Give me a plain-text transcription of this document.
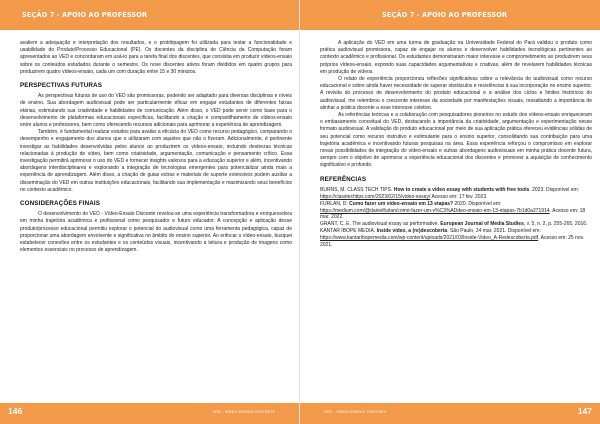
SEÇÃO 7 - APOIO AO PROFESSOR

avaliem a adequação e interpretação dos resultados, e o protótipagem foi utilizada para testar a funcionalidade e usabilidade do Produto/Processo Educacional (PE). Os docentes da disciplina de Ciência da Computação foram apresentados ao VED e concordaram em usá-lo para a tarefa final dos discentes, que consistia em produzir vídeos-ensaio sobre os conteúdos estudados durante o semestre. Os nove discentes ativos foram divididos em quatro grupos para produzirem quatro vídeos-ensaio, cada um com duração entre 15 e 30 minutos.

PERSPECTIVAS FUTURAS

As perspectivas futuras de uso do VED são promissoras, podendo ser adaptado para diversas disciplinas e níveis de ensino. Sua abordagem audiovisual pode ser particularmente eficaz em engajar estudantes de diferentes faixas etárias, estimulando sua criatividade e habilidades de comunicação. Além disso, o VED pode servir como base para o desenvolvimento de plataformas educacionais específicas, facilitando a criação e compartilhamento de vídeos-ensaio entre alunos e professores, bem como oferecendo recursos adicionais para aprimorar a experiência de aprendizagem.

Também, é fundamental realizar estudos para avaliar a eficácia do VED como recurso pedagógico, comparando o desempenho e engajamento dos alunos que o utilizaram com aqueles que não o fizeram. Adicionalmente, é pertinente investigar as habilidades desenvolvidas pelos alunos ao produzirem os vídeos-ensaio, incluindo destrezas técnicas relacionadas à produção de vídeo, bem como criatividade, argumentação, comunicação e pensamento crítico. Essa investigação permitirá aprimorar o uso do VED e fornecer insights valiosos para a educação superior e além, incentivando abordagens interdisciplinares e explorando a integração de tecnologias emergentes para potencializar ainda mais a experiência de aprendizagem. Além disso, a criação de guias extras e materiais de suporte extensivos podem auxiliar a disseminação do VED em outras instituições educacionais, facilitando sua implementação e maximizando seus benefícios no contexto acadêmico.

CONSIDERAÇÕES FINAIS

O desenvolvimento do VED - Vídeo-Ensaio Discente revelou-se uma experiência transformadora e enriquecedora em minha trajetória acadêmica e profissional como pesquisador e futuro educador. A concepção e aplicação desse produto/processo educacional permitiu explorar o potencial do audiovisual como uma ferramenta pedagógica, capaz de proporcionar uma abordagem envolvente e significativa no âmbito do ensino superior. Ao enfocar o vídeo-ensaio, busquei estabelecer conexões entre os estudantes e os conteúdos visuais, incentivando a leitura e produção de imagens como elementos essenciais no processo de aprendizagem.

146	VED - VÍDEO-ENSAIO DISCENTE
SEÇÃO 7 - APOIO AO PROFESSOR

A aplicação do VED em uma turma de graduação na Universidade Federal do Pará validou o produto como prática audiovisual promissora, capaz de engajar os alunos e desenvolver habilidades tecnológicas pertinentes ao contexto acadêmico e profissional. Os estudantes demonstraram maior interesse e comprometimento ao produzirem seus próprios vídeos-ensaio, expondo suas capacidades argumentativas e criativas, além de revelarem habilidades técnicas em produção de vídeos.

O relato de experiência proporcionou reflexões significativas sobre a relevância do audiovisual como recurso educacional e sobre ainda haver necessidade de superar obstáculos e resistências à sua incorporação no ensino superior. A revisita do processo de desenvolvimento do produto educacional e a análise dos ciclos e limites históricos do audiovisual, me relembrou o crescente interesse da sociedade por manifestações visuais, ressaltando a importância de alinhar a prática docente a esse interesse coletivo.

As referências teóricas e a colaboração com pesquisadores pioneiros no estudo dos vídeos-ensaio enriqueceram o embasamento conceitual do VED, destacando a importância da criatividade, argumentação e experimentação nesse formato audiovisual. A validação do produto educacional por meio de sua aplicação prática ofereceu evidências sólidas de seu potencial como recurso instrutivo e estimulante para o ensino superior, consolidando sua contribuição para uma trajetória acadêmica e incentivando futuras pesquisas na área. Essa experiência reforçou o compromisso em explorar novas possibilidades de integração do vídeo-ensaio e outras abordagens audiovisuais em minha prática docente futura, sempre com o objetivo de aprimorar a experiência educacional dos discentes e promover a aquisição de conhecimento significativo e profundo.

REFERÊNCIAS

BURNS, M. CLASS TECH TIPS. How to create a video essay with students with free tools. 2023. Disponível em: https://classtechtips.com/2023/02/15/video-essay/ Acesso em: 17 fev. 2023.

FURLAN, D. Como fazer um vídeo-ensaio em 13 etapas? 2020. Disponível em: https://medium.com/@danielfurlan/como-fazer-um-v%C3%ADdeo-ensaio-em-13-etapas-7b1d0a271914. Acesso em: 18 mar. 2022.

GRANT, C. E. The audiovisual essay as performative. European Journal of Media Studies, v. 5, n. 2, p. 255-265, 2016.

KANTAR IBOPE MEDIA. Inside video, a (re)descoberta. São Paulo, 24 mar. 2021. Disponível em: https://www.kantaribopemedia.com/wp-content/uploads/2021/03/Inside-Video_A-Redescoberta.pdf. Acesso em: 25 nov. 2021.

VED - VÍDEO-ENSAIO DISCENTE	147
